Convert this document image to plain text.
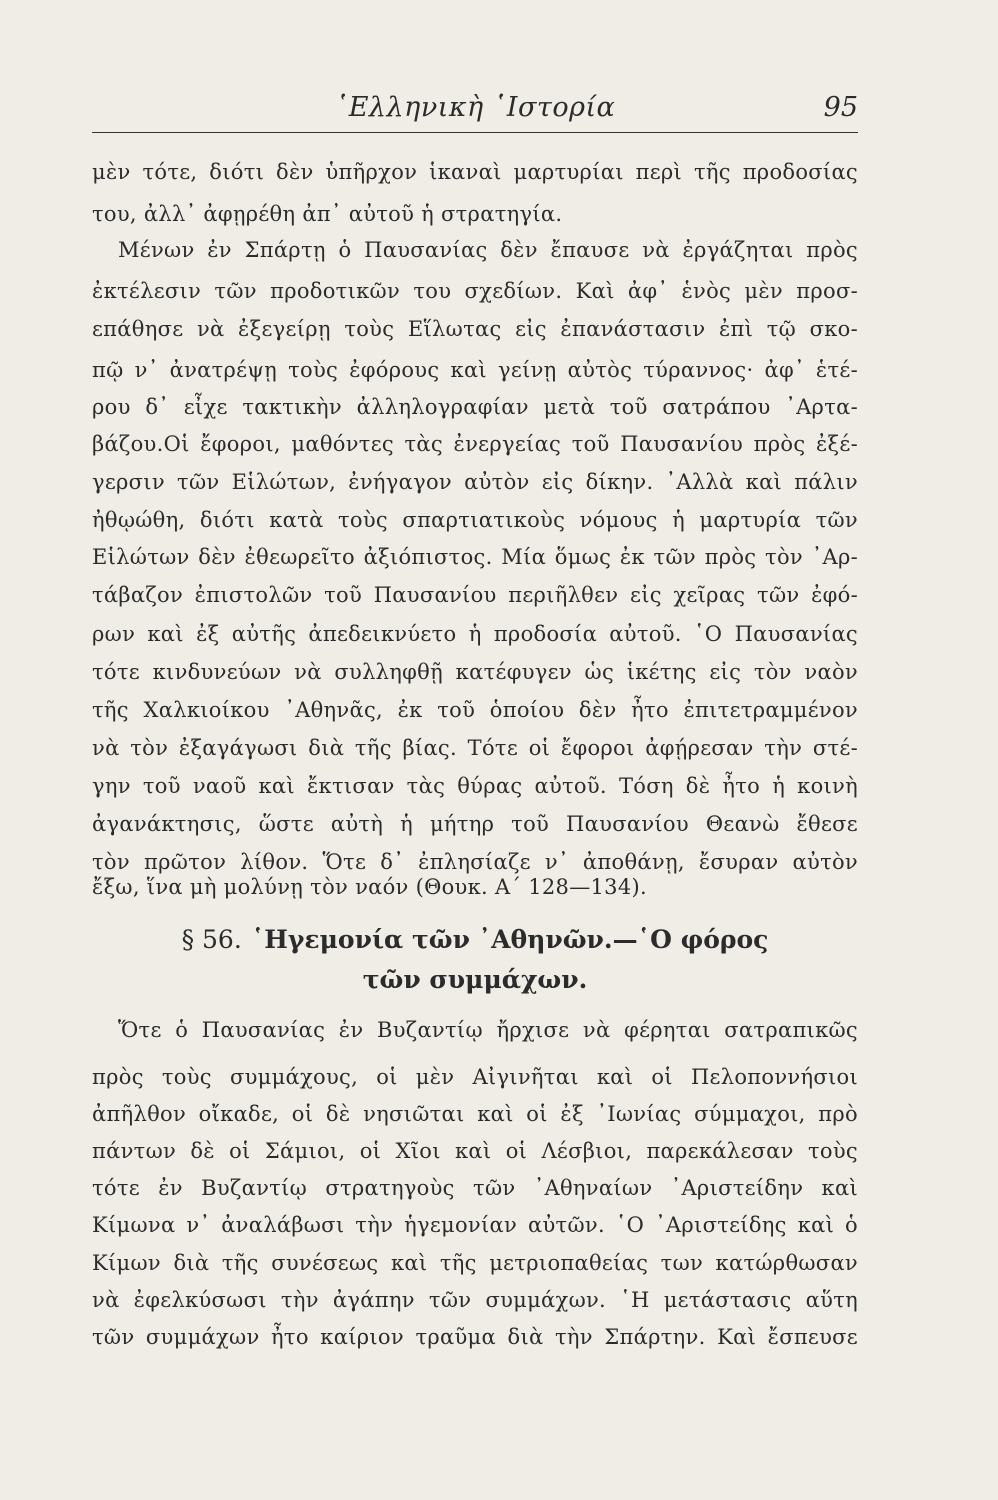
῾Ελληνικὴ ῾Ιστορία	95
μὲν τότε, διότι δὲν ὑπῆρχον ἱκαναὶ μαρτυρίαι περὶ τῆς προδοσίας
του, ἀλλ᾽ ἀφῃρέθη ἀπ᾽ αὐτοῦ ἡ στρατηγία.
Μένων ἐν Σπάρτῃ ὁ Παυσανίας δὲν ἔπαυσε νὰ ἐργάζηται πρὸς
ἐκτέλεσιν τῶν προδοτικῶν του σχεδίων. Καὶ ἀφ᾽ ἑνὸς μὲν προσ-
επάθησε νὰ ἐξεγείρῃ τοὺς Εἵλωτας εἰς ἐπανάστασιν ἐπὶ τῷ σκο-
πῷ ν᾽ ἀνατρέψῃ τοὺς ἐφόρους καὶ γείνῃ αὐτὸς τύραννος· ἀφ᾽ ἑτέ-
ρου δ᾽ εἶχε τακτικὴν ἀλληλογραφίαν μετὰ τοῦ σατράπου ᾽Αρτα-
βάζου.Οἱ ἔφοροι, μαθόντες τὰς ἐνεργείας τοῦ Παυσανίου πρὸς ἐξέ-
γερσιν τῶν Εἱλώτων, ἐνήγαγον αὐτὸν εἰς δίκην. ᾽Αλλὰ καὶ πάλιν
ἠθῳώθη, διότι κατὰ τοὺς σπαρτιατικοὺς νόμους ἡ μαρτυρία τῶν
Εἱλώτων δὲν ἐθεωρεῖτο ἀξιόπιστος. Μία ὅμως ἐκ τῶν πρὸς τὸν ᾽Αρ-
τάβαζον ἐπιστολῶν τοῦ Παυσανίου περιῆλθεν εἰς χεῖρας τῶν ἐφό-
ρων καὶ ἐξ αὐτῆς ἀπεδεικνύετο ἡ προδοσία αὐτοῦ. ῾Ο Παυσανίας
τότε κινδυνεύων νὰ συλληφθῇ κατέφυγεν ὡς ἱκέτης εἰς τὸν ναὸν
τῆς Χαλκιοίκου ᾽Αθηνᾶς, ἐκ τοῦ ὁποίου δὲν ἦτο ἐπιτετραμμένον
νὰ τὸν ἐξαγάγωσι διὰ τῆς βίας. Τότε οἱ ἔφοροι ἀφῄρεσαν τὴν στέ-
γην τοῦ ναοῦ καὶ ἔκτισαν τὰς θύρας αὐτοῦ. Τόση δὲ ἦτο ἡ κοινὴ
ἀγανάκτησις, ὥστε αὐτὴ ἡ μήτηρ τοῦ Παυσανίου Θεανὼ ἔθεσε
τὸν πρῶτον λίθον. Ὅτε δ᾽ ἐπλησίαζε ν᾽ ἀποθάνῃ, ἔσυραν αὐτὸν
ἔξω, ἵνα μὴ μολύνῃ τὸν ναόν (Θουκ. Α΄ 128—134).
§ 56. ῾Ηγεμονία τῶν ᾽Αθηνῶν.—῾Ο φόρος
τῶν συμμάχων.
Ὅτε ὁ Παυσανίας ἐν Βυζαντίῳ ἤρχισε νὰ φέρηται σατραπικῶς
πρὸς τοὺς συμμάχους, οἱ μὲν Αἰγινῆται καὶ οἱ Πελοποννήσιοι
ἀπῆλθον οἴκαδε, οἱ δὲ νησιῶται καὶ οἱ ἐξ ᾽Ιωνίας σύμμαχοι, πρὸ
πάντων δὲ οἱ Σάμιοι, οἱ Χῖοι καὶ οἱ Λέσβιοι, παρεκάλεσαν τοὺς
τότε ἐν Βυζαντίῳ στρατηγοὺς τῶν ᾽Αθηναίων ᾽Αριστείδην καὶ
Κίμωνα ν᾽ ἀναλάβωσι τὴν ἡγεμονίαν αὐτῶν. ῾Ο ᾽Αριστείδης καὶ ὁ
Κίμων διὰ τῆς συνέσεως καὶ τῆς μετριοπαθείας των κατώρθωσαν
νὰ ἐφελκύσωσι τὴν ἀγάπην τῶν συμμάχων. ῾Η μετάστασις αὕτη
τῶν συμμάχων ἦτο καίριον τραῦμα διὰ τὴν Σπάρτην. Καὶ ἔσπευσε
